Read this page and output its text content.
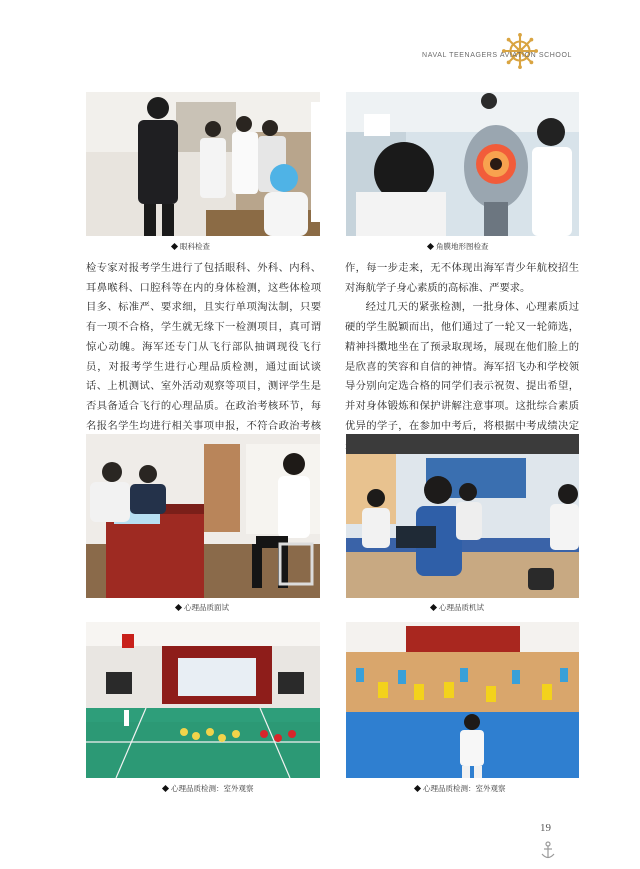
NAVAL TEENAGERS AVIATION SCHOOL
眼科检查	角膜地形图检查

检专家对报考学生进行了包括眼科、外科、内科、耳鼻喉科、口腔科等在内的身体检测，这些体检项目多、标准严、要求细，且实行单项淘汰制，只要有一项不合格，学生就无缘下一检测项目，真可谓惊心动魄。海军还专门从飞行部队抽调现役飞行员，对报考学生进行心理品质检测，通过面试谈话、上机测试、室外活动观察等项目，测评学生是否具备适合飞行的心理品质。在政治考核环节，每名报名学生均进行相关事项申报，不符合政治考核

作，每一步走来，无不体现出海军青少年航校招生对海航学子身心素质的高标准、严要求。

经过几天的紧张检测，一批身体、心理素质过硬的学生脱颖而出，他们通过了一轮又一轮筛选，精神抖擞地坐在了预录取现场，展现在他们脸上的是欣喜的笑容和自信的神情。海军招飞办和学校领导分别向定选合格的同学们表示祝贺、提出希望，并对身体锻炼和保护讲解注意事项。这批综合素质优异的学子，在参加中考后，将根据中考成绩决定

心理品质面试	心理品质机试
心理品质检测：室外观察	心理品质检测：室外观察
19
